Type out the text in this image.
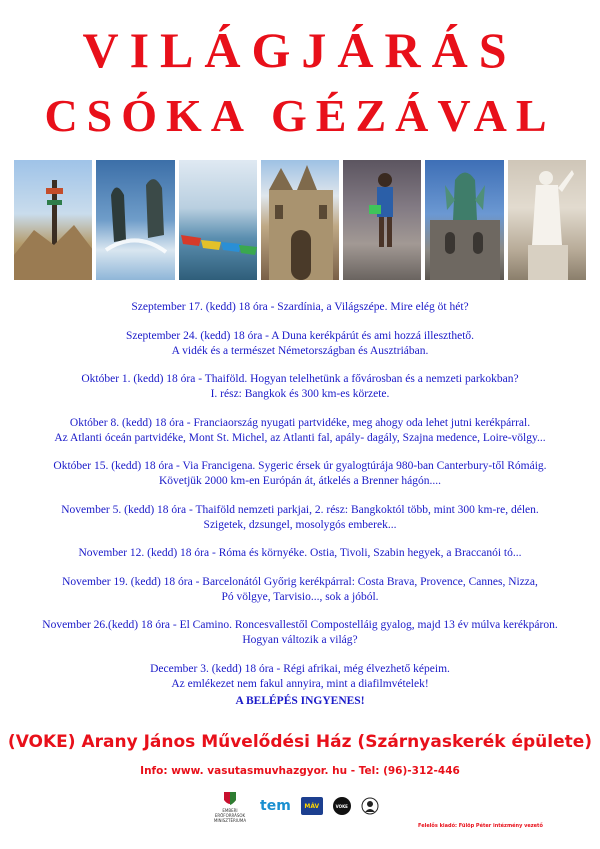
VILÁGJÁRÁS
CSÓKA GÉZÁVAL
Szeptember 17. (kedd) 18 óra - Szardínia, a Világszépe. Mire elég öt hét?
Szeptember 24. (kedd) 18 óra - A Duna kerékpárút és ami hozzá illeszthető.
A vidék és a természet Németországban és Ausztriában.
Október 1. (kedd) 18 óra - Thaiföld. Hogyan telelhetünk a fővárosban és a nemzeti parkokban?
I. rész: Bangkok és 300 km-es körzete.
Október 8. (kedd) 18 óra - Franciaország nyugati partvidéke, meg ahogy oda lehet jutni kerékpárral.
Az Atlanti óceán partvidéke, Mont St. Michel, az Atlanti fal, apály- dagály, Szajna medence, Loire-völgy...
Október 15. (kedd) 18 óra - Via Francigena. Sygeric érsek úr gyalogtúrája 980-ban Canterbury-től Rómáig.
Követjük 2000 km-en Európán át, átkelés a Brenner hágón....
November 5. (kedd) 18 óra - Thaiföld nemzeti parkjai, 2. rész: Bangkoktól több, mint 300 km-re, délen.
Szigetek, dzsungel, mosolygós emberek...
November 12. (kedd) 18 óra - Róma és környéke. Ostia, Tivoli, Szabin hegyek, a Braccanói tó...
November 19. (kedd) 18 óra - Barcelonától Győrig kerékpárral: Costa Brava, Provence, Cannes, Nizza,
Pó völgye, Tarvisio..., sok a jóból.
November 26.(kedd) 18 óra - El Camino. Roncesvallestől Compostelláig gyalog, majd 13 év múlva kerékpáron.
Hogyan változik a világ?
December 3. (kedd) 18 óra - Régi afrikai, még élvezhető képeim.
Az emlékezet nem fakul annyira, mint a diafilmvételek!
A BELÉPÉS INGYENES!
(VOKE) Arany János Művelődési Ház (Szárnyaskerék épülete)
Info: www. vasutasmuvhazgyor. hu - Tel: (96)-312-446
EMBERI ERŐFORRÁSOK MINISZTÉRIUMA
tem MÁV	VOKE
Felelős kiadó: Fülöp Péter intézmény vezető
